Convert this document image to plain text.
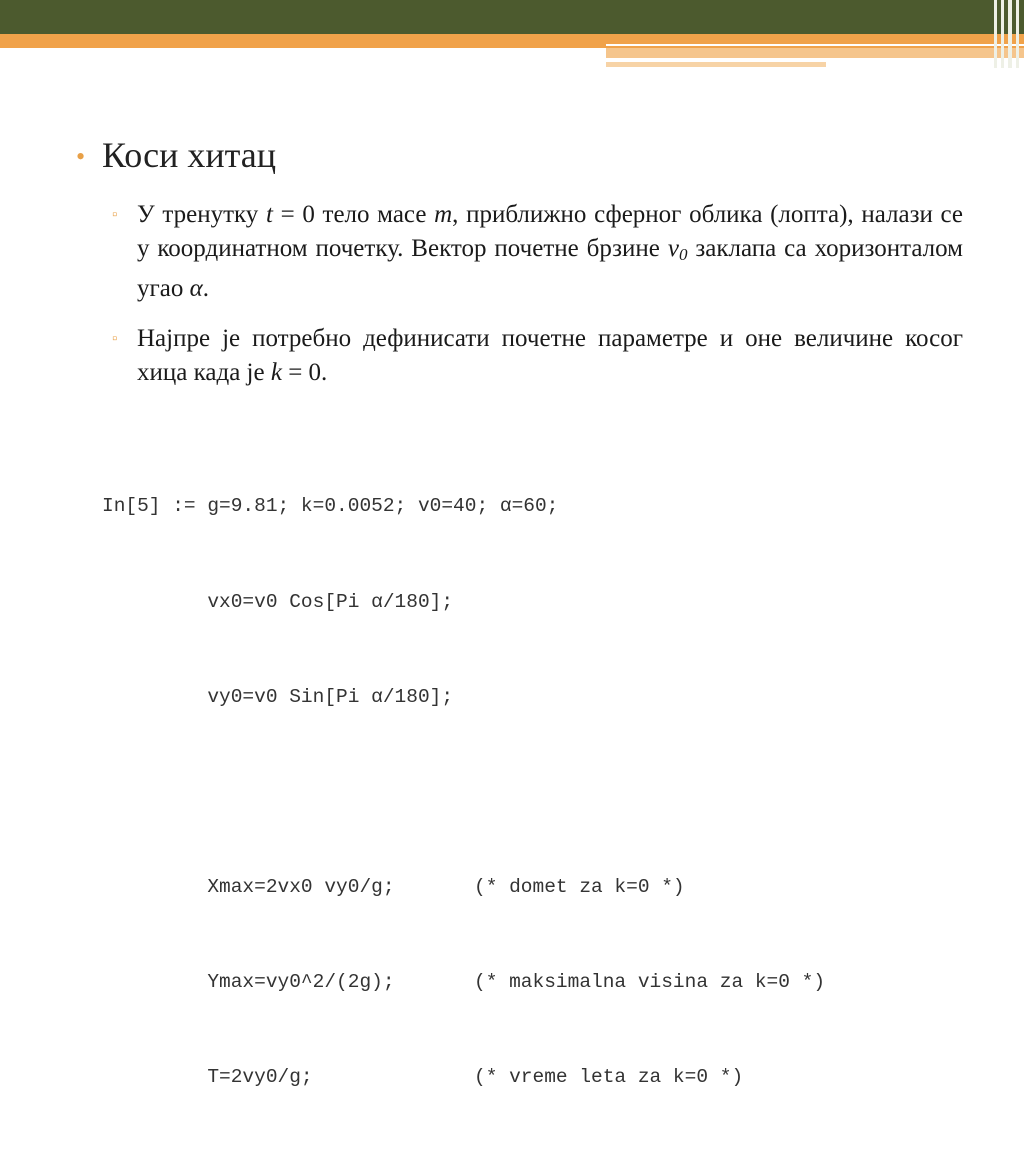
• Коси хитац
▫ У тренутку t = 0 тело масе m, приближно сферног облика (лопта), налази се у координатном почетку. Вектор почетне брзине $v_0$ заклапа са хоризонталом угао α.
▫ Најпре је потребно дефинисати почетне параметре и оне величине косог хица када је k = 0.

In[5] := g=9.81; k=0.0052; v0=40; α=60;

vx0=v0 Cos[Pi α/180];

vy0=v0 Sin[Pi α/180];

Xmax=2vx0 vy0/g;	(* domet za k=0 *)

Ymax=vy0^2/(2g);	(* maksimalna visina za k=0 *)

T=2vy0/g;	(* vreme leta za k=0 *)
